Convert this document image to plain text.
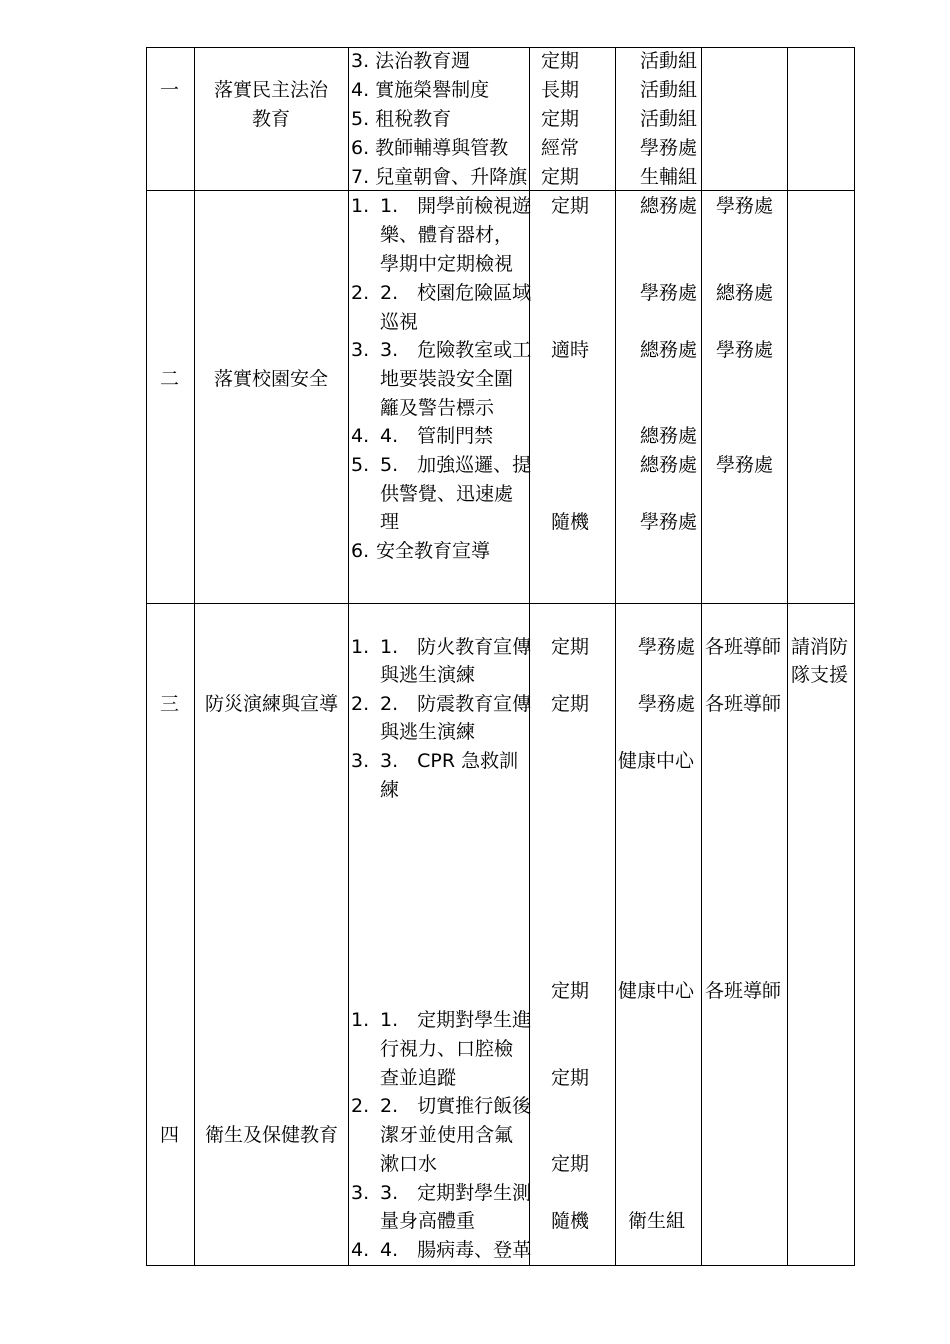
一 落實民主法治
教育
3. 法治教育週
4. 實施榮譽制度
5. 租稅教育
6. 教師輔導與管教
7. 兒童朝會、升降旗
定期
長期
定期
經常
定期
活動組
活動組
活動組
學務處
生輔組
二 落實校園安全
1. 1.　開學前檢視遊
樂、體育器材，
學期中定期檢視
2. 2.　校園危險區域
巡視
3. 3.　危險教室或工
地要裝設安全圍
籬及警告標示
4. 4.　管制門禁
5. 5.　加強巡邏、提
供警覺、迅速處
理
6. 安全教育宣導
定期
適時
隨機
總務處
學務處
總務處
總務處
總務處
學務處
學務處
總務處
學務處
學務處
三 防災演練與宣導
1. 1.　防火教育宣傳
與逃生演練
2. 2.　防震教育宣傳
與逃生演練
3. 3.　CPR 急救訓
練
定期
定期
學務處
學務處
健康中心
各班導師
各班導師
請消防
隊支援
四 衛生及保健教育
1. 1.　定期對學生進
行視力、口腔檢
查並追蹤
2. 2.　切實推行飯後
潔牙並使用含氟
漱口水
3. 3.　定期對學生測
量身高體重
4. 4.　腸病毒、登革
定期
定期
定期
隨機
健康中心
衛生組
各班導師
